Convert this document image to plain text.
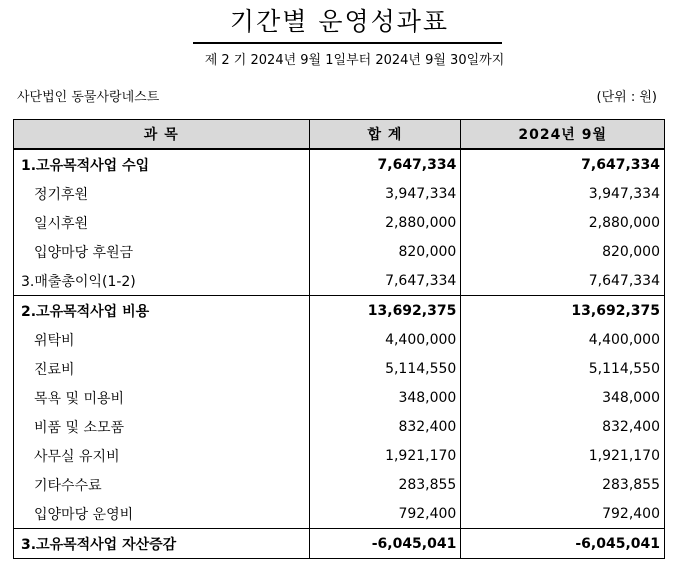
기간별 운영성과표
제 2 기 2024년 9월 1일부터 2024년 9월 30일까지
사단법인 동물사랑네스트	(단위 : 원)
과 목	합 계	2024년 9월
1.고유목적사업 수입	7,647,334	7,647,334
정기후원	3,947,334	3,947,334
일시후원	2,880,000	2,880,000
입양마당 후원금	820,000	820,000
3.매출총이익(1-2)	7,647,334	7,647,334
2.고유목적사업 비용	13,692,375	13,692,375
위탁비	4,400,000	4,400,000
진료비	5,114,550	5,114,550
목욕 및 미용비	348,000	348,000
비품 및 소모품	832,400	832,400
사무실 유지비	1,921,170	1,921,170
기타수수료	283,855	283,855
입양마당 운영비	792,400	792,400
3.고유목적사업 자산증감	-6,045,041	-6,045,041
